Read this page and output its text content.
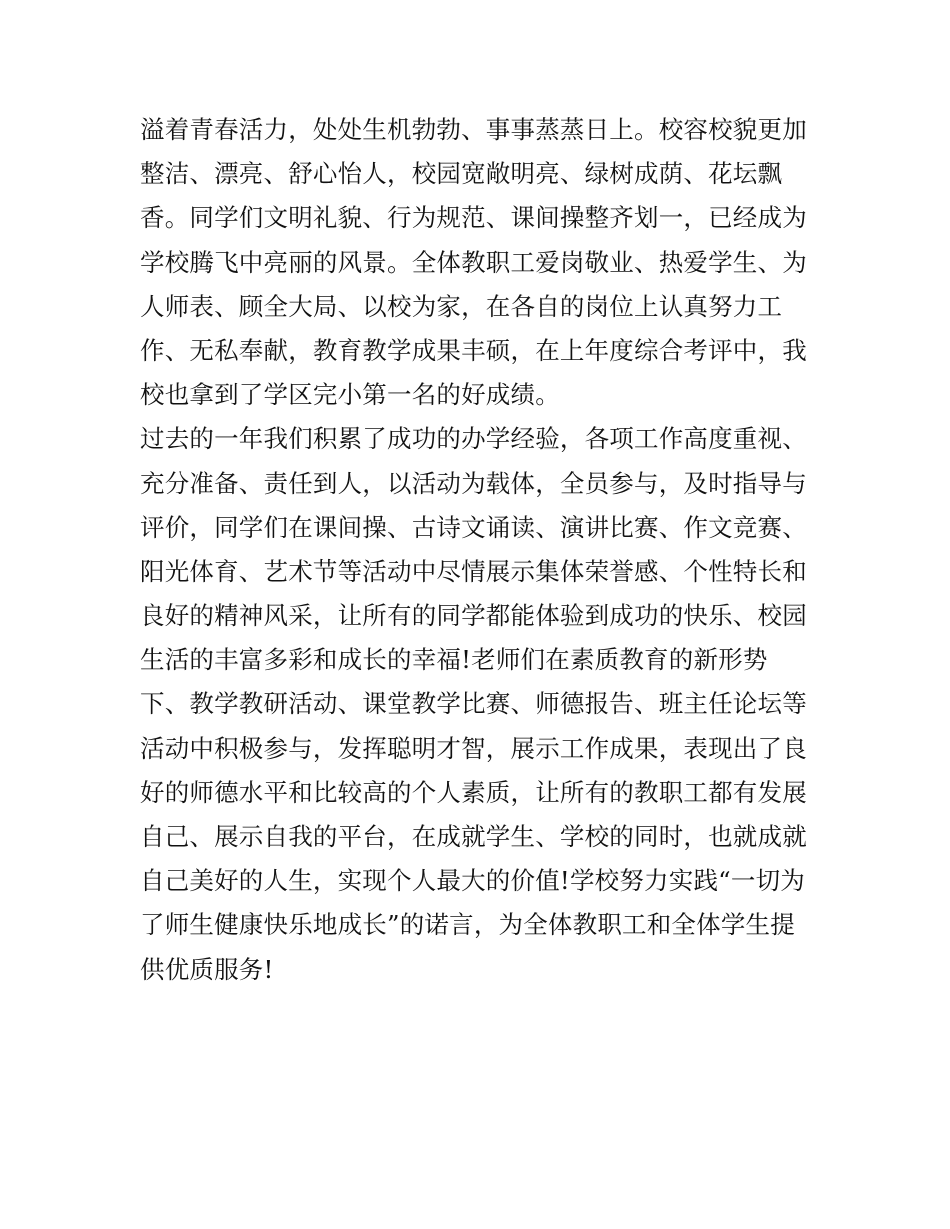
溢着青春活力，处处生机勃勃、事事蒸蒸日上。校容校貌更加
整洁、漂亮、舒心怡人，校园宽敞明亮、绿树成荫、花坛飘
香。同学们文明礼貌、行为规范、课间操整齐划一，已经成为
学校腾飞中亮丽的风景。全体教职工爱岗敬业、热爱学生、为
人师表、顾全大局、以校为家，在各自的岗位上认真努力工
作、无私奉献，教育教学成果丰硕，在上年度综合考评中，我
校也拿到了学区完小第一名的好成绩。
过去的一年我们积累了成功的办学经验，各项工作高度重视、
充分准备、责任到人，以活动为载体，全员参与，及时指导与
评价，同学们在课间操、古诗文诵读、演讲比赛、作文竞赛、
阳光体育、艺术节等活动中尽情展示集体荣誉感、个性特长和
良好的精神风采，让所有的同学都能体验到成功的快乐、校园
生活的丰富多彩和成长的幸福!老师们在素质教育的新形势
下、教学教研活动、课堂教学比赛、师德报告、班主任论坛等
活动中积极参与，发挥聪明才智，展示工作成果，表现出了良
好的师德水平和比较高的个人素质，让所有的教职工都有发展
自己、展示自我的平台，在成就学生、学校的同时，也就成就
自己美好的人生，实现个人最大的价值!学校努力实践“一切为
了师生健康快乐地成长”的诺言，为全体教职工和全体学生提
供优质服务!
